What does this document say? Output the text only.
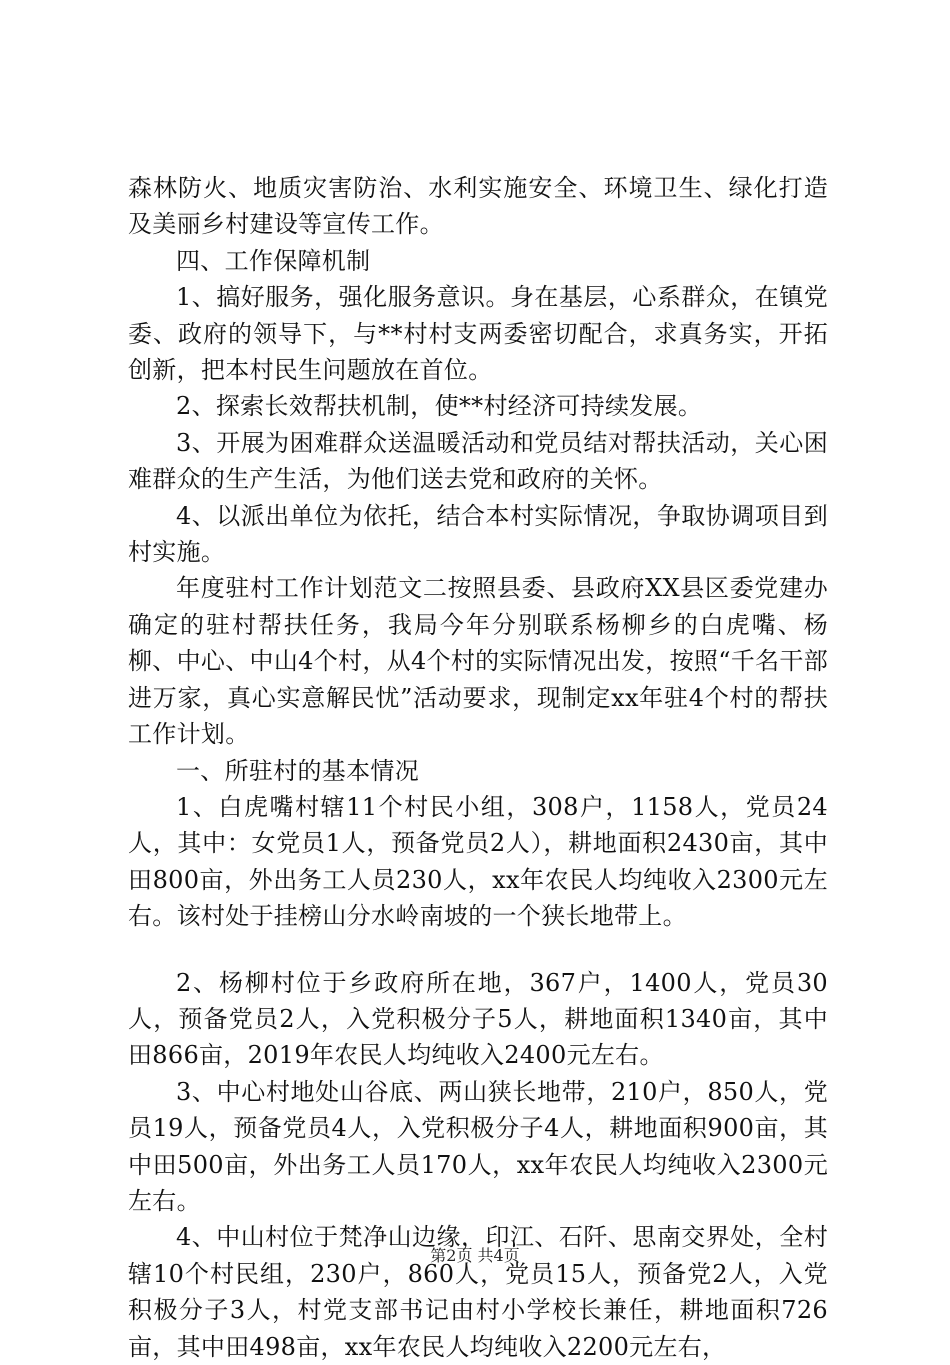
森林防火、地质灾害防治、水利实施安全、环境卫生、绿化打造及美丽乡村建设等宣传工作。

四、工作保障机制

1、搞好服务，强化服务意识。身在基层，心系群众，在镇党委、政府的领导下，与**村村支两委密切配合，求真务实，开拓创新，把本村民生问题放在首位。

2、探索长效帮扶机制，使**村经济可持续发展。

3、开展为困难群众送温暖活动和党员结对帮扶活动，关心困难群众的生产生活，为他们送去党和政府的关怀。

4、以派出单位为依托，结合本村实际情况，争取协调项目到村实施。

年度驻村工作计划范文二按照县委、县政府XX县区委党建办确定的驻村帮扶任务，我局今年分别联系杨柳乡的白虎嘴、杨柳、中心、中山4个村，从4个村的实际情况出发，按照“千名干部进万家，真心实意解民忧”活动要求，现制定xx年驻4个村的帮扶工作计划。

一、所驻村的基本情况

1、白虎嘴村辖11个村民小组，308户，1158人，党员24人，其中：女党员1人，预备党员2人），耕地面积2430亩，其中田800亩，外出务工人员230人，xx年农民人均纯收入2300元左右。该村处于挂榜山分水岭南坡的一个狭长地带上。

2、杨柳村位于乡政府所在地，367户，1400人，党员30人，预备党员2人，入党积极分子5人，耕地面积1340亩，其中田866亩，2019年农民人均纯收入2400元左右。

3、中心村地处山谷底、两山狭长地带，210户，850人，党员19人，预备党员4人，入党积极分子4人，耕地面积900亩，其中田500亩，外出务工人员170人，xx年农民人均纯收入2300元左右。

4、中山村位于梵净山边缘，印江、石阡、思南交界处，全村辖10个村民组，230户，860人，党员15人，预备党2人，入党积极分子3人，村党支部书记由村小学校长兼任，耕地面积726亩，其中田498亩，xx年农民人均纯收入2200元左右，

第2页 共4页
